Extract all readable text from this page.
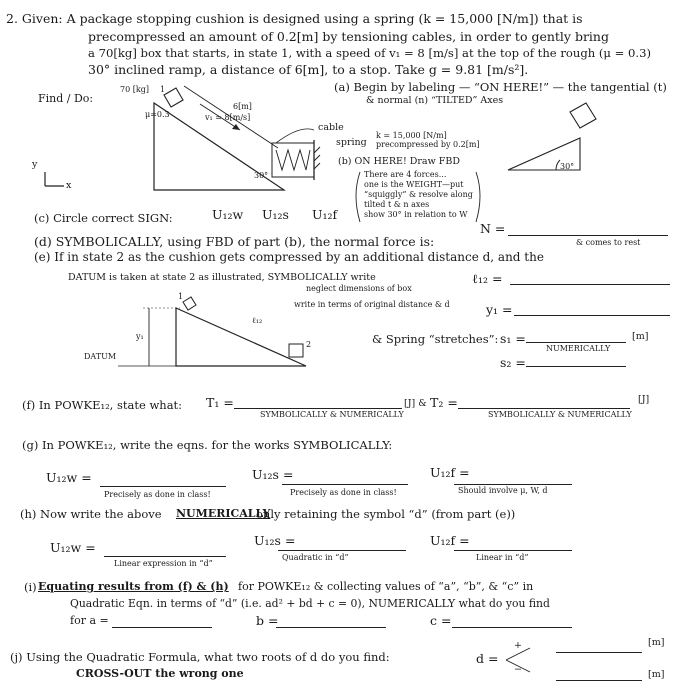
2. Given: A package stopping cushion is designed using a spring (k = 15,000 [N/m]) that is
precompressed an amount of 0.2[m] by tensioning cables, in order to gently bring
a 70[kg] box that starts, in state 1, with a speed of v₁ = 8 [m/s] at the top of the rough (μ = 0.3)
30° inclined ramp, a distance of 6[m], to a stop. Take g = 9.81 [m/s²].
Find / Do:
70 [kg] 1
μ=0.3
6[m]
v₁ = 8[m/s]
30°
cable
spring
k = 15,000 [N/m]
precompressed by 0.2[m]
y
x
30°
(a) Begin by labeling — “ON HERE!” — the tangential (t)
& normal (n) “TILTED” Axes
(b) ON HERE! Draw FBD
There are 4 forces...
one is the WEIGHT—put
“squiggly” & resolve along
tilted t & n axes
show 30° in relation to W
(c) Circle correct SIGN:	U₁₂w U₁₂s U₁₂f
N =
(d) SYMBOLICALLY, using FBD of part (b), the normal force is:	& comes to rest
(e) If in state 2 as the cushion gets compressed by an additional distance d, and the
DATUM is taken at state 2 as illustrated, SYMBOLICALLY write	ℓ₁₂ =
neglect dimensions of box
write in terms of original distance & d	y₁ =
& Spring “stretches”: s₁ =
NUMERICALLY
[m]
s₂ =
ℓ₁₂
y₁
DATUM
1
2
(f) In POWKE₁₂, state what: T₁ =
SYMBOLICALLY & NUMERICALLY
[J] & T₂ =
SYMBOLICALLY & NUMERICALLY
[J]
(g) In POWKE₁₂, write the eqns. for the works SYMBOLICALLY:
U₁₂w =
Precisely as done in class!
U₁₂s =
Precisely as done in class!
U₁₂f =
Should involve μ, W, d
(h) Now write the above NUMERICALLY
only retaining the symbol “d” (from part (e))
U₁₂w =
Linear expression in “d”
U₁₂s =
Quadratic in “d”
U₁₂f =
Linear in “d”
(i) Equating results from (f) & (h) for POWKE₁₂ & collecting values of “a”, “b”, & “c” in
Quadratic Eqn. in terms of “d” (i.e. ad² + bd + c = 0), NUMERICALLY what do you find
for a =	b =	c =
(j) Using the Quadratic Formula, what two roots of d do you find:	d =
+
−
[m]
[m]
CROSS-OUT the wrong one
